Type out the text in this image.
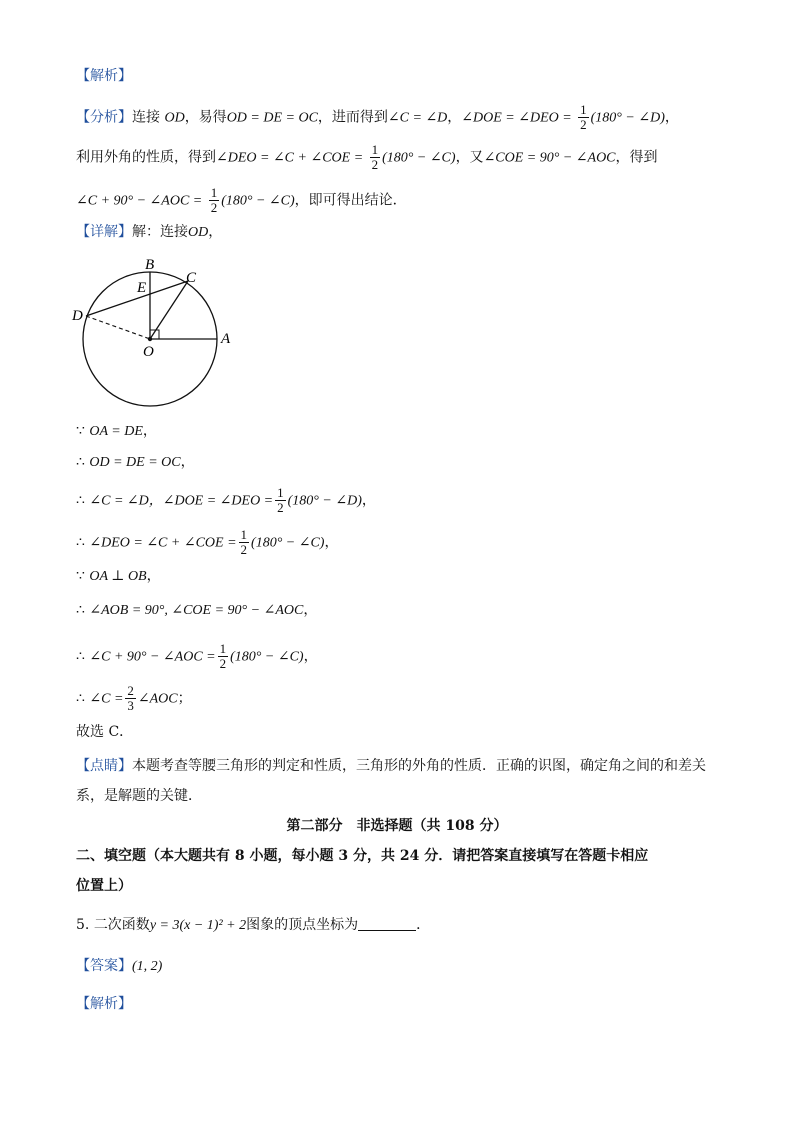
【解析】
【分析】连接 OD，易得OD = DE = OC，进而得到∠C = ∠D，∠DOE = ∠DEO = $\frac{1}{2} (180^\circ$ − ∠D)，
利用外角的性质，得到∠DEO = ∠C + ∠COE = $\frac{1}{2} (180^\circ$ − ∠C)，又∠COE = 90° − ∠AOC，得到
∠C + 90° − ∠AOC = $\frac{1}{2} (180^\circ$ − ∠C)，即可得出结论．
【详解】解：连接OD，
B
C
E
D
O
A
∵ OA = DE，
∴ OD = DE = OC，
∴ ∠C = ∠D，∠DOE = ∠DEO = $\frac{1}{2} (180^\circ$ − ∠D)，
∴ ∠DEO = ∠C + ∠COE = $\frac{1}{2} (180^\circ$ − ∠C)，
∵ OA ⊥ OB，
∴ ∠AOB = 90°, ∠COE = 90° − ∠AOC，
∴ ∠C + 90° − ∠AOC = $\frac{1}{2} (180^\circ$ − ∠C)，
∴ ∠C = $\frac{2}{3}$ ∠AOC；
故选 C．
【点睛】本题考查等腰三角形的判定和性质，三角形的外角的性质．正确的识图，确定角之间的和差关
系，是解题的关键．
第二部分　非选择题（共 108 分）
二、填空题（本大题共有 8 小题，每小题 3 分，共 24 分．请把答案直接填写在答题卡相应
位置上）
5. 二次函数y = 3(x − 1)² + 2图象的顶点坐标为	．
【答案】(1, 2)
【解析】
